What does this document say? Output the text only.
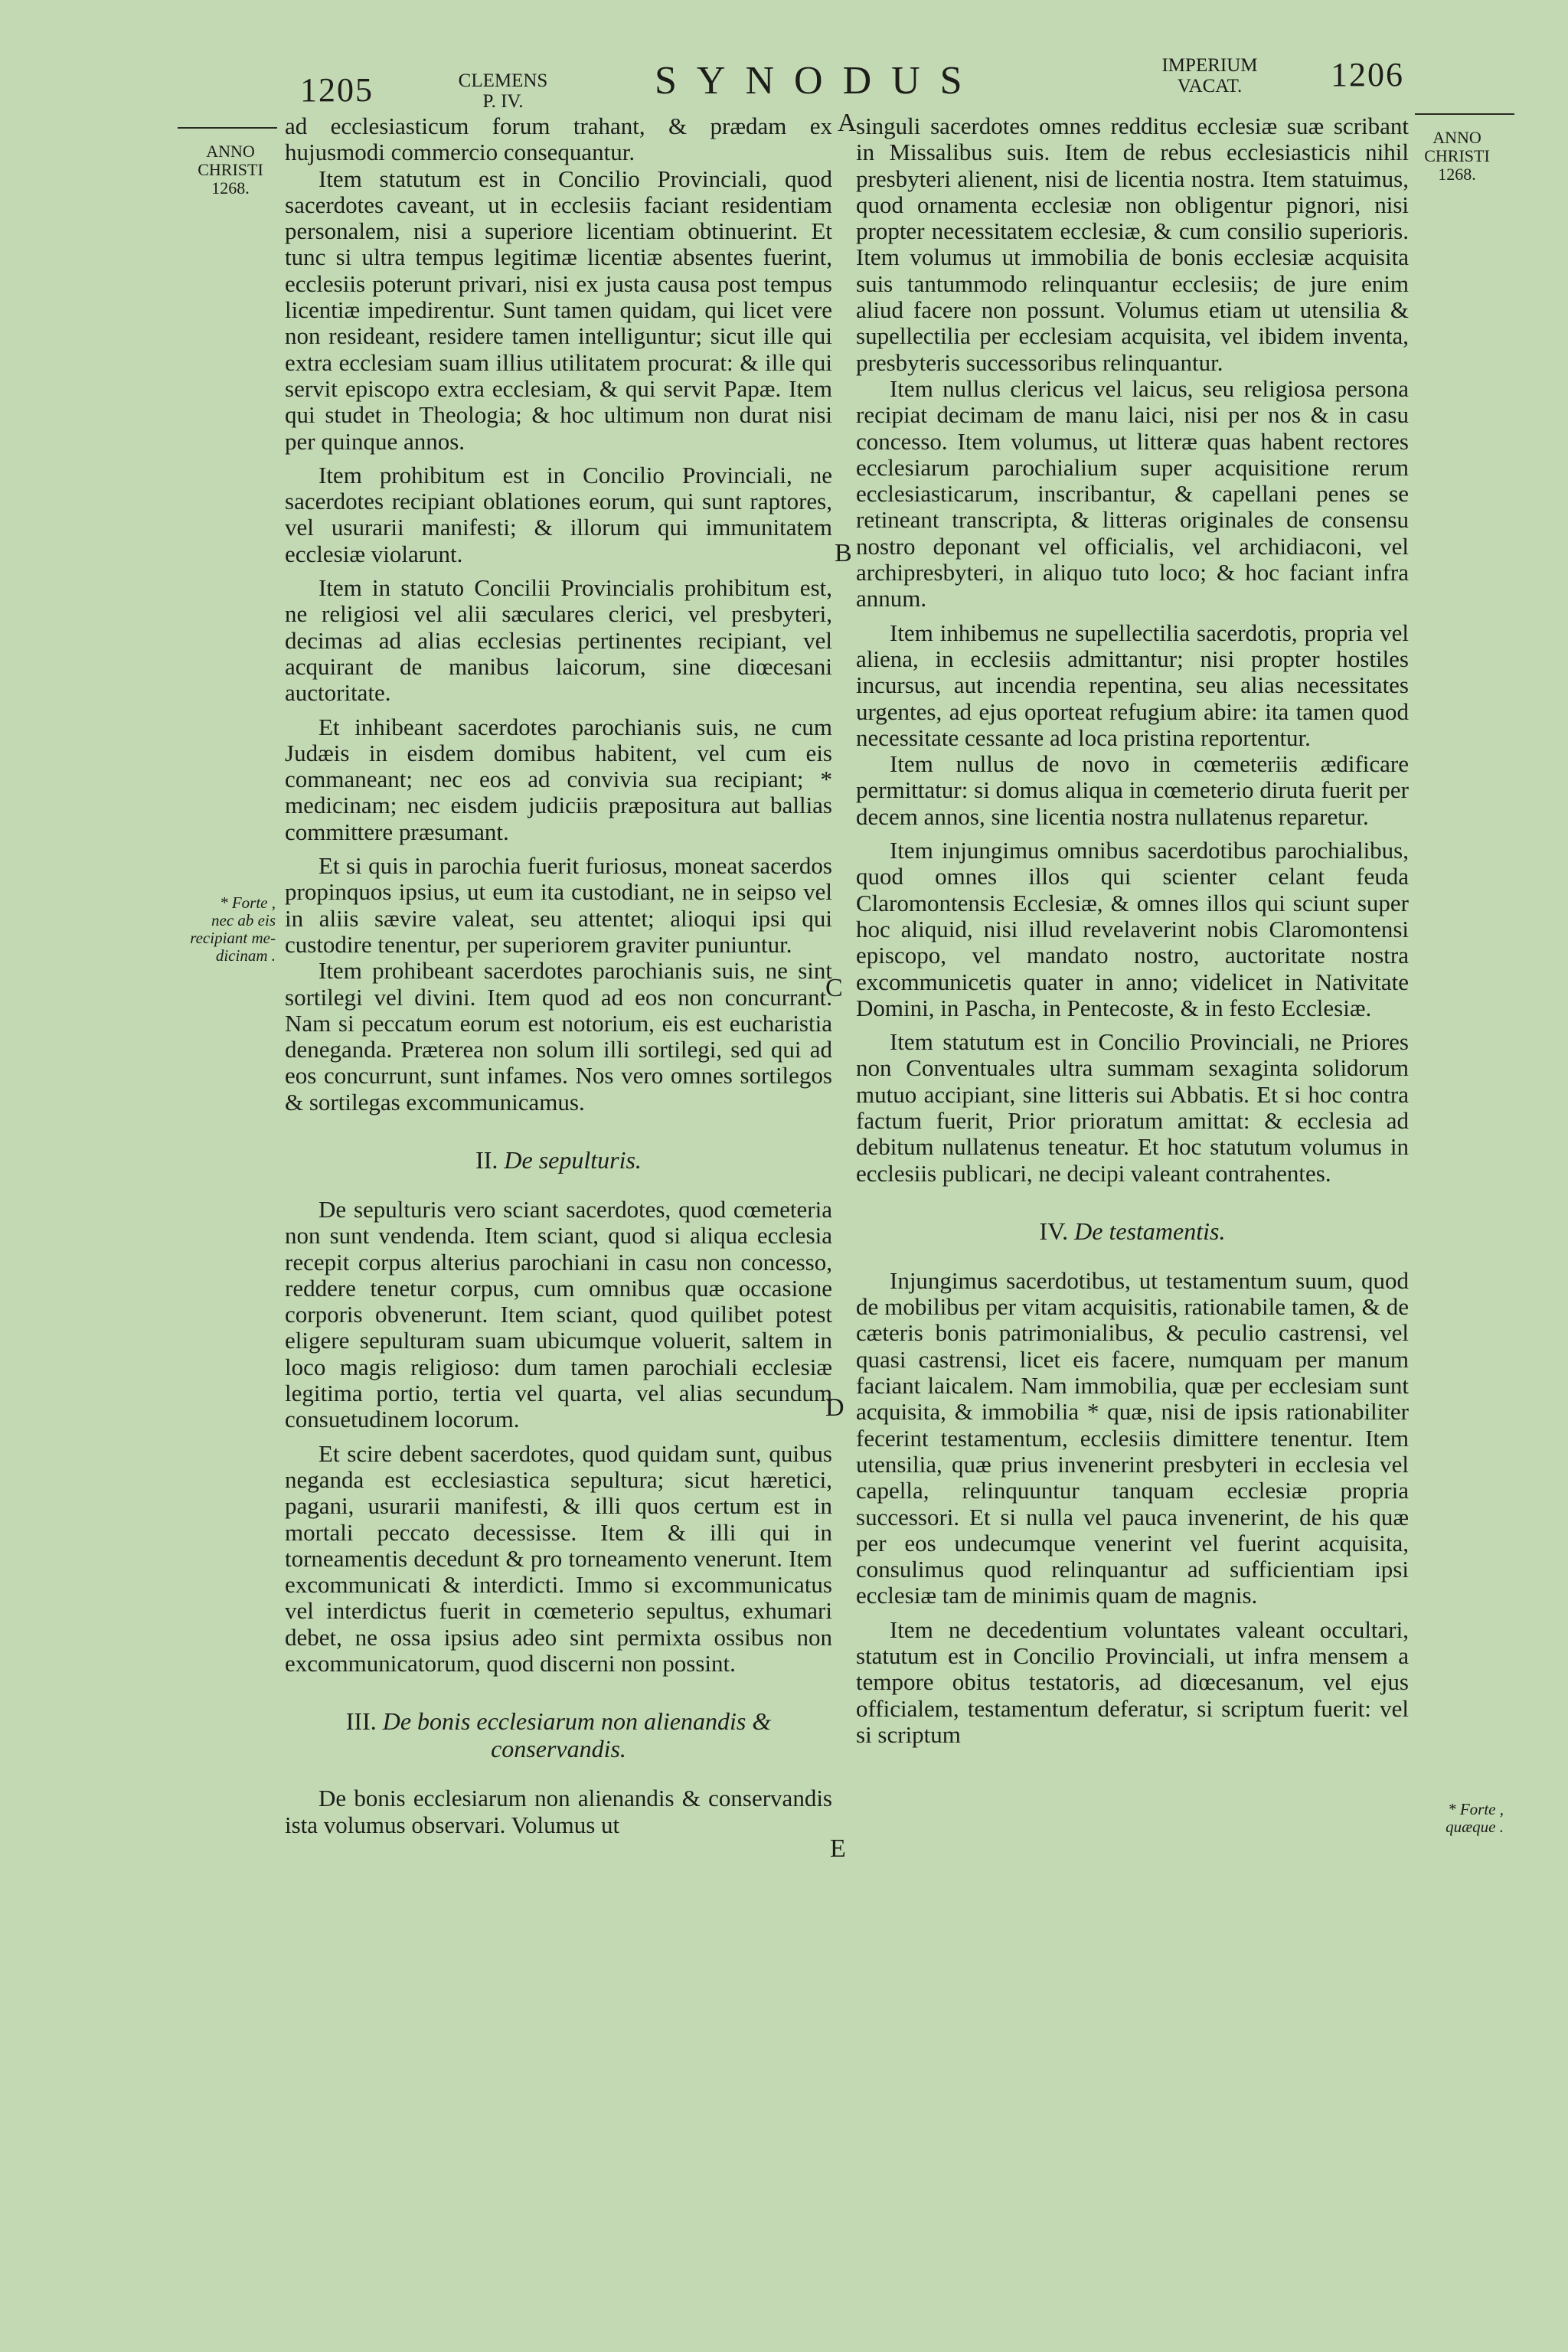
1205	CLEMENS
P. IV.	SYNODUS	IMPERIUM
VACAT.	1206
ANNO
CHRISTI
1268.
ANNO
CHRISTI
1268.
* Forte ,
nec ab eis
recipiant me-
dicinam .
* Forte ,
quæque .
A
B
C
D
E

ad ecclesiasticum forum trahant, & prædam ex hujusmodi commercio consequantur.

Item statutum est in Concilio Provinciali, quod sacerdotes caveant, ut in ecclesiis faciant residentiam personalem, nisi a superiore licentiam obtinuerint. Et tunc si ultra tempus legitimæ licentiæ absentes fuerint, ecclesiis poterunt privari, nisi ex justa causa post tempus licentiæ impedirentur. Sunt tamen quidam, qui licet vere non resideant, residere tamen intelliguntur; sicut ille qui extra ecclesiam suam illius utilitatem procurat: & ille qui servit episcopo extra ecclesiam, & qui servit Papæ. Item qui studet in Theologia; & hoc ultimum non durat nisi per quinque annos.

Item prohibitum est in Concilio Provinciali, ne sacerdotes recipiant oblationes eorum, qui sunt raptores, vel usurarii manifesti; & illorum qui immunitatem ecclesiæ violarunt.

Item in statuto Concilii Provincialis prohibitum est, ne religiosi vel alii sæculares clerici, vel presbyteri, decimas ad alias ecclesias pertinentes recipiant, vel acquirant de manibus laicorum, sine diœcesani auctoritate.

Et inhibeant sacerdotes parochianis suis, ne cum Judæis in eisdem domibus habitent, vel cum eis commaneant; nec eos ad convivia sua recipiant; * medicinam; nec eisdem judiciis præpositura aut ballias committere præsumant.

Et si quis in parochia fuerit furiosus, moneat sacerdos propinquos ipsius, ut eum ita custodiant, ne in seipso vel in aliis sævire valeat, seu attentet; alioqui ipsi qui custodire tenentur, per superiorem graviter puniuntur.

Item prohibeant sacerdotes parochianis suis, ne sint sortilegi vel divini. Item quod ad eos non concurrant. Nam si peccatum eorum est notorium, eis est eucharistia deneganda. Præterea non solum illi sortilegi, sed qui ad eos concurrunt, sunt infames. Nos vero omnes sortilegos & sortilegas excommunicamus.

II. De sepulturis.

De sepulturis vero sciant sacerdotes, quod cœmeteria non sunt vendenda. Item sciant, quod si aliqua ecclesia recepit corpus alterius parochiani in casu non concesso, reddere tenetur corpus, cum omnibus quæ occasione corporis obvenerunt. Item sciant, quod quilibet potest eligere sepulturam suam ubicumque voluerit, saltem in loco magis religioso: dum tamen parochiali ecclesiæ legitima portio, tertia vel quarta, vel alias secundum consuetudinem locorum.

Et scire debent sacerdotes, quod quidam sunt, quibus neganda est ecclesiastica sepultura; sicut hæretici, pagani, usurarii manifesti, & illi quos certum est in mortali peccato decessisse. Item & illi qui in torneamentis decedunt & pro torneamento venerunt. Item excommunicati & interdicti. Immo si excommunicatus vel interdictus fuerit in cœmeterio sepultus, exhumari debet, ne ossa ipsius adeo sint permixta ossibus non excommunicatorum, quod discerni non possint.

III. De bonis ecclesiarum non alienandis & conservandis.

De bonis ecclesiarum non alienandis & conservandis ista volumus observari. Volumus ut

singuli sacerdotes omnes redditus ecclesiæ suæ scribant in Missalibus suis. Item de rebus ecclesiasticis nihil presbyteri alienent, nisi de licentia nostra. Item statuimus, quod ornamenta ecclesiæ non obligentur pignori, nisi propter necessitatem ecclesiæ, & cum consilio superioris. Item volumus ut immobilia de bonis ecclesiæ acquisita suis tantummodo relinquantur ecclesiis; de jure enim aliud facere non possunt. Volumus etiam ut utensilia & supellectilia per ecclesiam acquisita, vel ibidem inventa, presbyteris successoribus relinquantur.

Item nullus clericus vel laicus, seu religiosa persona recipiat decimam de manu laici, nisi per nos & in casu concesso. Item volumus, ut litteræ quas habent rectores ecclesiarum parochialium super acquisitione rerum ecclesiasticarum, inscribantur, & capellani penes se retineant transcripta, & litteras originales de consensu nostro deponant vel officialis, vel archidiaconi, vel archipresbyteri, in aliquo tuto loco; & hoc faciant infra annum.

Item inhibemus ne supellectilia sacerdotis, propria vel aliena, in ecclesiis admittantur; nisi propter hostiles incursus, aut incendia repentina, seu alias necessitates urgentes, ad ejus oporteat refugium abire: ita tamen quod necessitate cessante ad loca pristina reportentur.

Item nullus de novo in cœmeteriis ædificare permittatur: si domus aliqua in cœmeterio diruta fuerit per decem annos, sine licentia nostra nullatenus reparetur.

Item injungimus omnibus sacerdotibus parochialibus, quod omnes illos qui scienter celant feuda Claromontensis Ecclesiæ, & omnes illos qui sciunt super hoc aliquid, nisi illud revelaverint nobis Claromontensi episcopo, vel mandato nostro, auctoritate nostra excommunicetis quater in anno; videlicet in Nativitate Domini, in Pascha, in Pentecoste, & in festo Ecclesiæ.

Item statutum est in Concilio Provinciali, ne Priores non Conventuales ultra summam sexaginta solidorum mutuo accipiant, sine litteris sui Abbatis. Et si hoc contra factum fuerit, Prior prioratum amittat: & ecclesia ad debitum nullatenus teneatur. Et hoc statutum volumus in ecclesiis publicari, ne decipi valeant contrahentes.

IV. De testamentis.

Injungimus sacerdotibus, ut testamentum suum, quod de mobilibus per vitam acquisitis, rationabile tamen, & de cæteris bonis patrimonialibus, & peculio castrensi, vel quasi castrensi, licet eis facere, numquam per manum faciant laicalem. Nam immobilia, quæ per ecclesiam sunt acquisita, & immobilia * quæ, nisi de ipsis rationabiliter fecerint testamentum, ecclesiis dimittere tenentur. Item utensilia, quæ prius invenerint presbyteri in ecclesia vel capella, relinquuntur tanquam ecclesiæ propria successori. Et si nulla vel pauca invenerint, de his quæ per eos undecumque venerint vel fuerint acquisita, consulimus quod relinquantur ad sufficientiam ipsi ecclesiæ tam de minimis quam de magnis.

Item ne decedentium voluntates valeant occultari, statutum est in Concilio Provinciali, ut infra mensem a tempore obitus testatoris, ad diœcesanum, vel ejus officialem, testamentum deferatur, si scriptum fuerit: vel si scriptum
